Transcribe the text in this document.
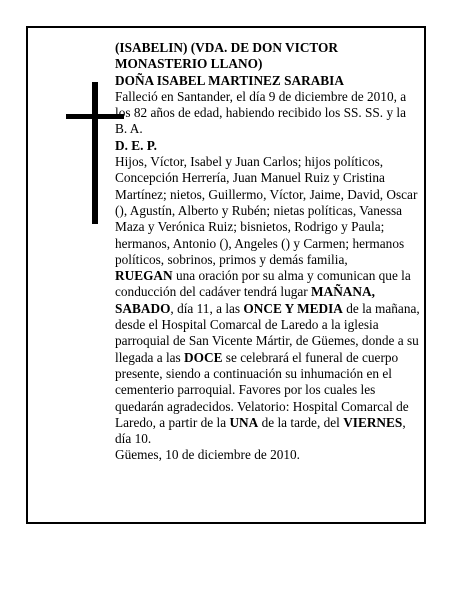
(ISABELIN) (VDA. DE DON VICTOR

MONASTERIO LLANO)

DOÑA ISABEL MARTINEZ SARABIA

Falleció en Santander, el día 9 de diciembre de 2010, a los 82 años de edad, habiendo recibido los SS. SS. y la B. A.

D. E. P.

Hijos, Víctor, Isabel y Juan Carlos; hijos políticos, Concepción Herrería, Juan Manuel Ruiz y Cristina Martínez; nietos, Guillermo, Víctor, Jaime, David, Oscar (), Agustín, Alberto y Rubén; nietas políticas, Vanessa Maza y Verónica Ruiz; bisnietos, Rodrigo y Paula; hermanos, Antonio (), Angeles () y Carmen; hermanos políticos, sobrinos, primos y demás familia,

RUEGAN una oración por su alma y comunican que la conducción del cadáver tendrá lugar MAÑANA, SABADO, día 11, a las ONCE Y MEDIA de la mañana, desde el Hospital Comarcal de Laredo a la iglesia parroquial de San Vicente Mártir, de Güemes, donde a su llegada a las DOCE se celebrará el funeral de cuerpo presente, siendo a continuación su inhumación en el cementerio parroquial. Favores por los cuales les quedarán agradecidos. Velatorio: Hospital Comarcal de Laredo, a partir de la UNA de la tarde, del VIERNES, día 10.

Güemes, 10 de diciembre de 2010.
